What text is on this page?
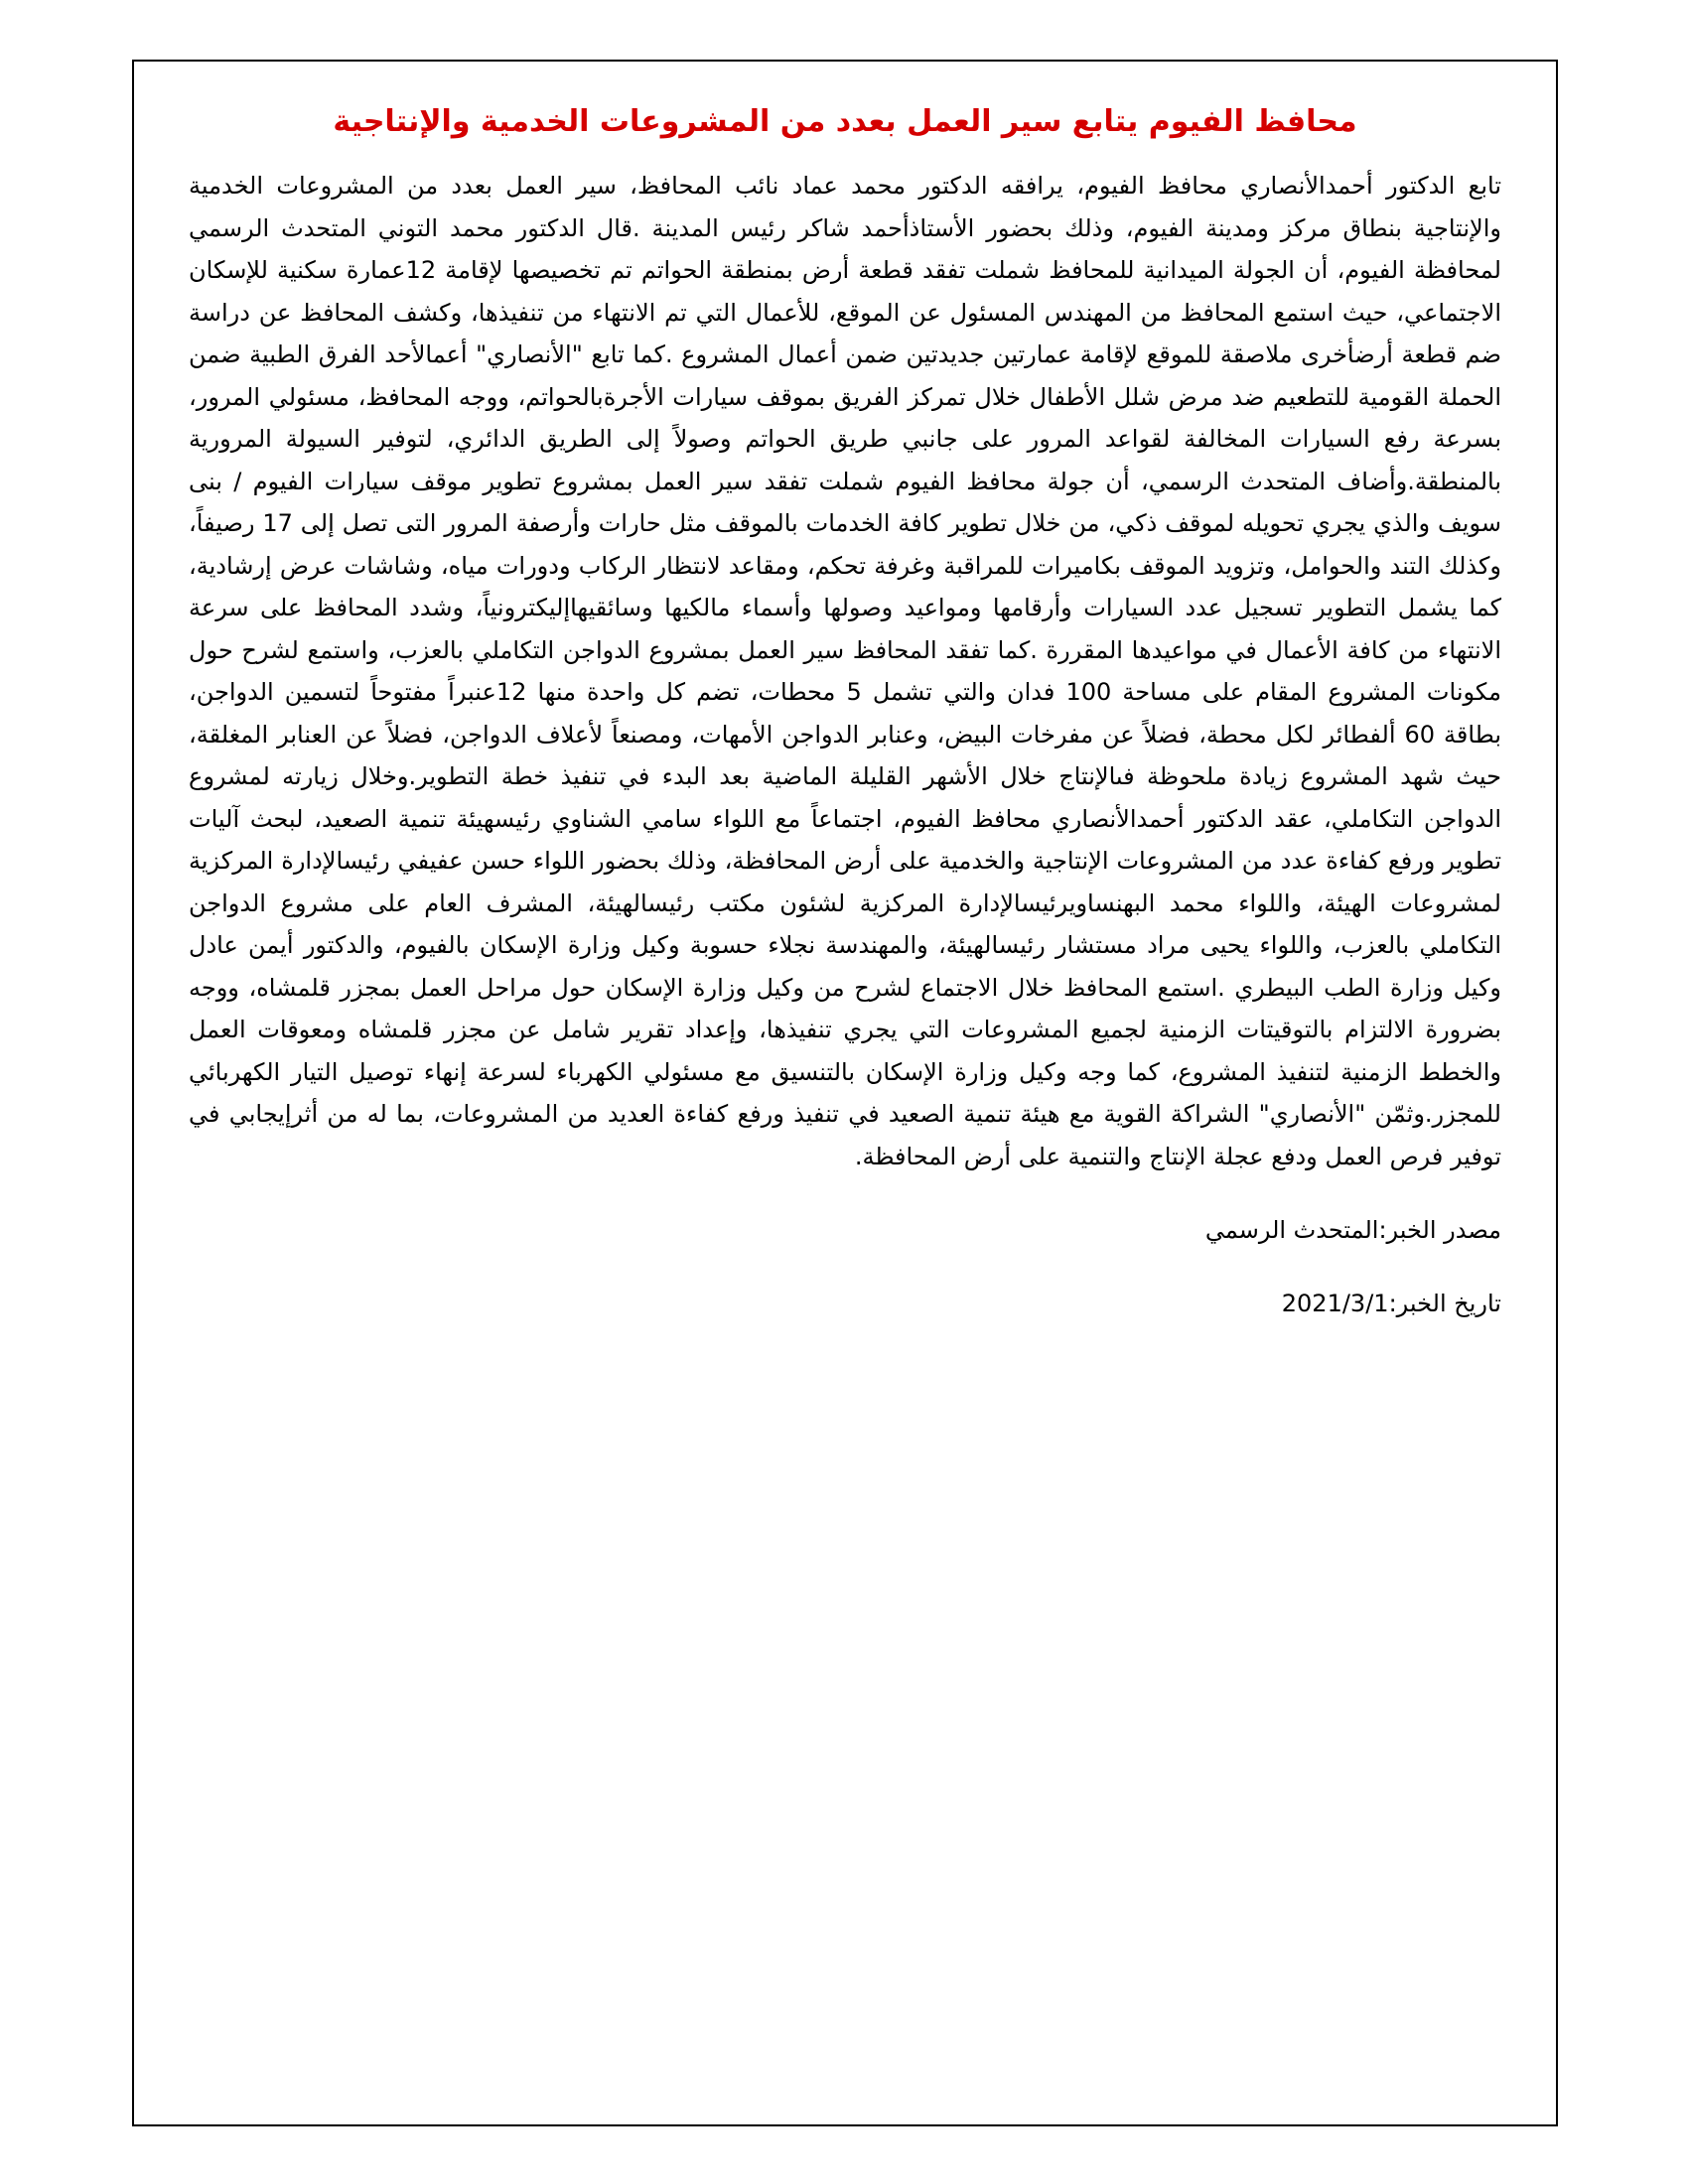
محافظ الفيوم يتابع سير العمل بعدد من المشروعات الخدمية والإنتاجية

تابع الدكتور أحمدالأنصاري محافظ الفيوم، يرافقه الدكتور محمد عماد نائب المحافظ، سير العمل بعدد من المشروعات الخدمية والإنتاجية بنطاق مركز ومدينة الفيوم، وذلك بحضور الأستاذأحمد شاكر رئيس المدينة .قال الدكتور محمد التوني المتحدث الرسمي لمحافظة الفيوم، أن الجولة الميدانية للمحافظ شملت تفقد قطعة أرض بمنطقة الحواتم تم تخصيصها لإقامة 12عمارة سكنية للإسكان الاجتماعي، حيث استمع المحافظ من المهندس المسئول عن الموقع، للأعمال التي تم الانتهاء من تنفيذها، وكشف المحافظ عن دراسة ضم قطعة أرضأخرى ملاصقة للموقع لإقامة عمارتين جديدتين ضمن أعمال المشروع .كما تابع "الأنصاري" أعمالأحد الفرق الطبية ضمن الحملة القومية للتطعيم ضد مرض شلل الأطفال خلال تمركز الفريق بموقف سيارات الأجرةبالحواتم، ووجه المحافظ، مسئولي المرور، بسرعة رفع السيارات المخالفة لقواعد المرور على جانبي طريق الحواتم وصولاً إلى الطريق الدائري، لتوفير السيولة المرورية بالمنطقة.وأضاف المتحدث الرسمي، أن جولة محافظ الفيوم شملت تفقد سير العمل بمشروع تطوير موقف سيارات الفيوم / بنى سويف والذي يجري تحويله لموقف ذكي، من خلال تطوير كافة الخدمات بالموقف مثل حارات وأرصفة المرور التى تصل إلى 17 رصيفاً، وكذلك التند والحوامل، وتزويد الموقف بكاميرات للمراقبة وغرفة تحكم، ومقاعد لانتظار الركاب ودورات مياه، وشاشات عرض إرشادية، كما يشمل التطوير تسجيل عدد السيارات وأرقامها ومواعيد وصولها وأسماء مالكيها وسائقيهاإليكترونياً، وشدد المحافظ على سرعة الانتهاء من كافة الأعمال في مواعيدها المقررة .كما تفقد المحافظ سير العمل بمشروع الدواجن التكاملي بالعزب، واستمع لشرح حول مكونات المشروع المقام على مساحة 100 فدان والتي تشمل 5 محطات، تضم كل واحدة منها 12عنبراً مفتوحاً لتسمين الدواجن، بطاقة 60 ألفطائر لكل محطة، فضلاً عن مفرخات البيض، وعنابر الدواجن الأمهات، ومصنعاً لأعلاف الدواجن، فضلاً عن العنابر المغلقة، حيث شهد المشروع زيادة ملحوظة فىالإنتاج خلال الأشهر القليلة الماضية بعد البدء في تنفيذ خطة التطوير.وخلال زيارته لمشروع الدواجن التكاملي، عقد الدكتور أحمدالأنصاري محافظ الفيوم، اجتماعاً مع اللواء سامي الشناوي رئيسهيئة تنمية الصعيد، لبحث آليات تطوير ورفع كفاءة عدد من المشروعات الإنتاجية والخدمية على أرض المحافظة، وذلك بحضور اللواء حسن عفيفي رئيسالإدارة المركزية لمشروعات الهيئة، واللواء محمد البهنساويرئيسالإدارة المركزية لشئون مكتب رئيسالهيئة، المشرف العام على مشروع الدواجن التكاملي بالعزب، واللواء يحيى مراد مستشار رئيسالهيئة، والمهندسة نجلاء حسوبة وكيل وزارة الإسكان بالفيوم، والدكتور أيمن عادل وكيل وزارة الطب البيطري .استمع المحافظ خلال الاجتماع لشرح من وكيل وزارة الإسكان حول مراحل العمل بمجزر قلمشاه، ووجه بضرورة الالتزام بالتوقيتات الزمنية لجميع المشروعات التي يجري تنفيذها، وإعداد تقرير شامل عن مجزر قلمشاه ومعوقات العمل والخطط الزمنية لتنفيذ المشروع، كما وجه وكيل وزارة الإسكان بالتنسيق مع مسئولي الكهرباء لسرعة إنهاء توصيل التيار الكهربائي للمجزر.وثمّن "الأنصاري" الشراكة القوية مع هيئة تنمية الصعيد في تنفيذ ورفع كفاءة العديد من المشروعات، بما له من أثرإيجابي في توفير فرص العمل ودفع عجلة الإنتاج والتنمية على أرض المحافظة.

مصدر الخبر:المتحدث الرسمي

تاريخ الخبر:2021/3/1
